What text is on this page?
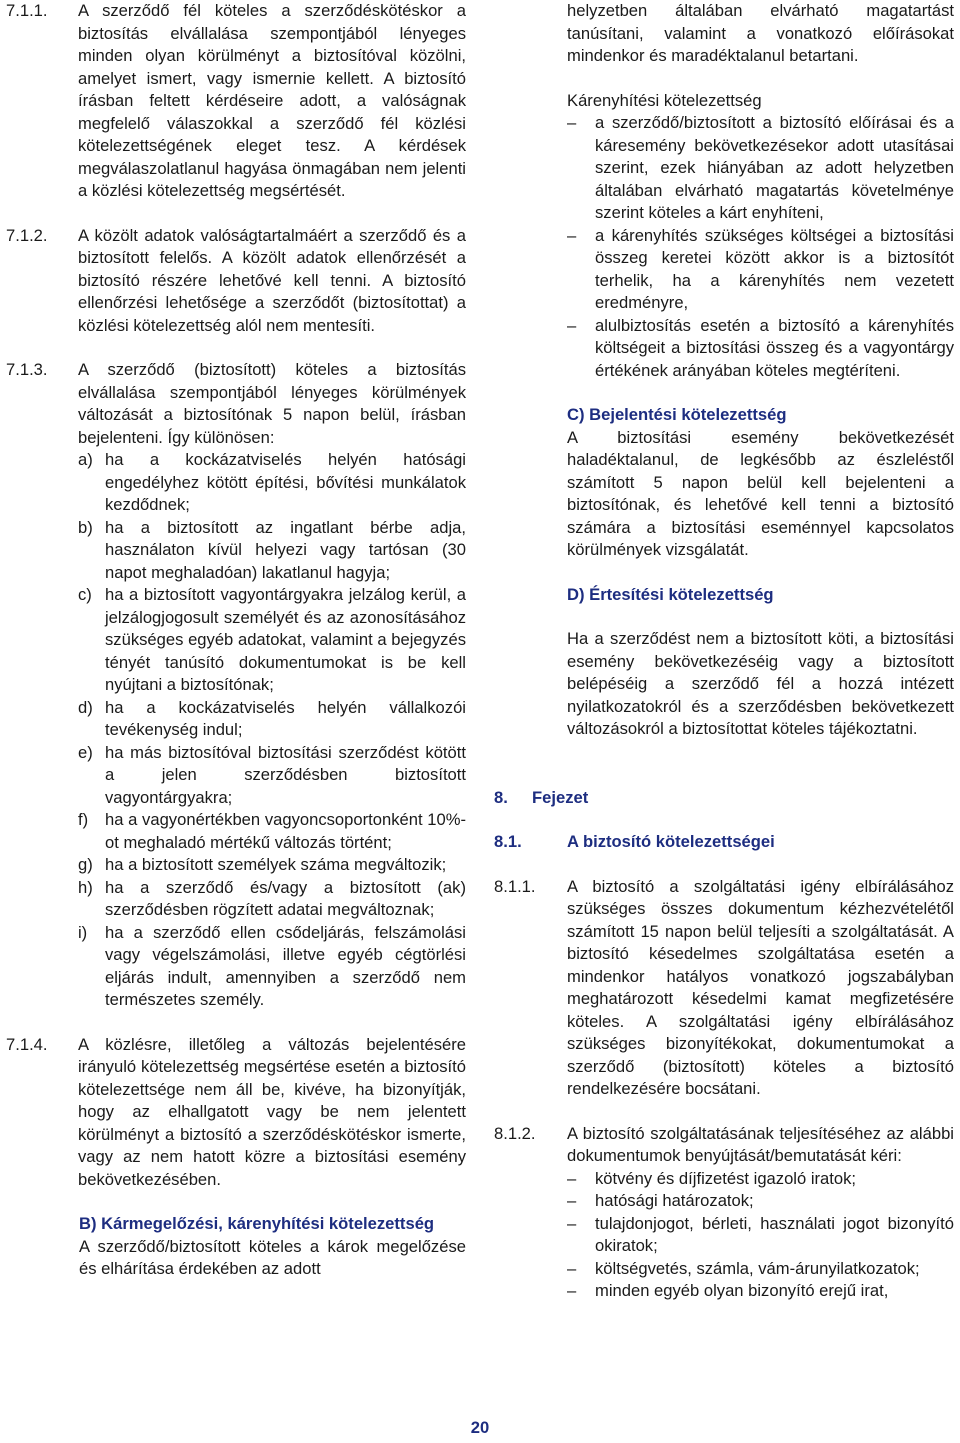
7.1.1.	A szerződő fél köteles a szerződéskötéskor a biztosítás elvállalása szempontjából lényeges minden olyan körülményt a biztosítóval közölni, amelyet ismert, vagy ismernie kellett. A biztosító írásban feltett kérdéseire adott, a valóságnak megfelelő válaszokkal a szerződő fél közlési kötelezettségének eleget tesz. A kérdések megválaszolatlanul hagyása önmagában nem jelenti a közlési kötelezettség megsértését.

7.1.2.	A közölt adatok valóságtartalmáért a szerződő és a biztosított felelős. A közölt adatok ellenőrzését a biztosító részére lehetővé kell tenni. A biztosító ellenőrzési lehetősége a szerződőt (biztosítottat) a közlési kötelezettség alól nem mentesíti.

7.1.3.	A szerződő (biztosított) köteles a biztosítás elvállalása szempontjából lényeges körülmények változását a biztosítónak 5 napon belül, írásban bejelenteni. Így különösen:

a) ha a kockázatviselés helyén hatósági engedélyhez kötött építési, bővítési munkálatok kezdődnek;
b) ha a biztosított az ingatlant bérbe adja, használaton kívül helyezi vagy tartósan (30 napot meghaladóan) lakatlanul hagyja;
c) ha a biztosított vagyontárgyakra jelzálog kerül, a jelzálogjogosult személyét és az azonosításához szükséges egyéb adatokat, valamint a bejegyzés tényét tanúsító dokumentumokat is be kell nyújtani a biztosítónak;
d) ha a kockázatviselés helyén vállalkozói tevékenység indul;
e) ha más biztosítóval biztosítási szerződést kötött a jelen szerződésben biztosított vagyontárgyakra;
f)	ha a vagyonértékben vagyoncsoportonként 10%-ot meghaladó mértékű változás történt;
g) ha a biztosított személyek száma megváltozik;
h) ha a szerződő és/vagy a biztosított (ak) szerződésben rögzített adatai megváltoznak;
i)	ha a szerződő ellen csődeljárás, felszámolási vagy végelszámolási, illetve egyéb cégtörlési eljárás indult, amennyiben a szerződő nem természetes személy.
7.1.4.	A közlésre, illetőleg a változás bejelentésére irányuló kötelezettség megsértése esetén a biztosító kötelezettsége nem áll be, kivéve, ha bizonyítják, hogy az elhallgatott vagy be nem jelentett körülményt a biztosító a szerződéskötéskor ismerte, vagy az nem hatott közre a biztosítási esemény bekövetkezésében.

B) Kármegelőzési, kárenyhítési kötelezettség

A szerződő/biztosított köteles a károk megelőzése és elhárítása érdekében az adott

helyzetben általában elvárható magatartást tanúsítani, valamint a vonatkozó előírásokat mindenkor és maradéktalanul betartani.

Kárenyhítési kötelezettség

–	a szerződő/biztosított a biztosító előírásai és a káresemény bekövetkezésekor adott utasításai szerint, ezek hiányában az adott helyzetben általában elvárható magatartás követelménye szerint köteles a kárt enyhíteni,
–	a kárenyhítés szükséges költségei a biztosítási összeg keretei között akkor is a biztosítót terhelik, ha a kárenyhítés nem vezetett eredményre,
–	alulbiztosítás esetén a biztosító a kárenyhítés költségeit a biztosítási összeg és a vagyontárgy értékének arányában köteles megtéríteni.

C) Bejelentési kötelezettség

A biztosítási esemény bekövetkezését haladéktalanul, de legkésőbb az észleléstől számított 5 napon belül kell bejelenteni a biztosítónak, és lehetővé kell tenni a biztosító számára a biztosítási eseménnyel kapcsolatos körülmények vizsgálatát.

D) Értesítési kötelezettség

Ha a szerződést nem a biztosított köti, a biztosítási esemény bekövetkezéséig vagy a biztosított belépéséig a szerződő fél a hozzá intézett nyilatkozatokról és a szerződésben bekövetkezett változásokról a biztosítottat köteles tájékoztatni.

8.	Fejezet
8.1.	A biztosító kötelezettségei
8.1.1.	A biztosító a szolgáltatási igény elbírálásához szükséges összes dokumentum kézhezvételétől számított 15 napon belül teljesíti a szolgáltatását. A biztosító késedelmes szolgáltatása esetén a mindenkor hatályos vonatkozó jogszabályban meghatározott késedelmi kamat megfizetésére köteles. A szolgáltatási igény elbírálásához szükséges bizonyítékokat, dokumentumokat a szerződő (biztosított) köteles a biztosító rendelkezésére bocsátani.

8.1.2.	A biztosító szolgáltatásának teljesítéséhez az alábbi dokumentumok benyújtását/bemutatását kéri:

–	kötvény és díjfizetést igazoló iratok;
–	hatósági határozatok;
–	tulajdonjogot, bérleti, használati jogot bizonyító okiratok;
–	költségvetés, számla, vám-árunyilatkozatok;
–	minden egyéb olyan bizonyító erejű irat,
20
